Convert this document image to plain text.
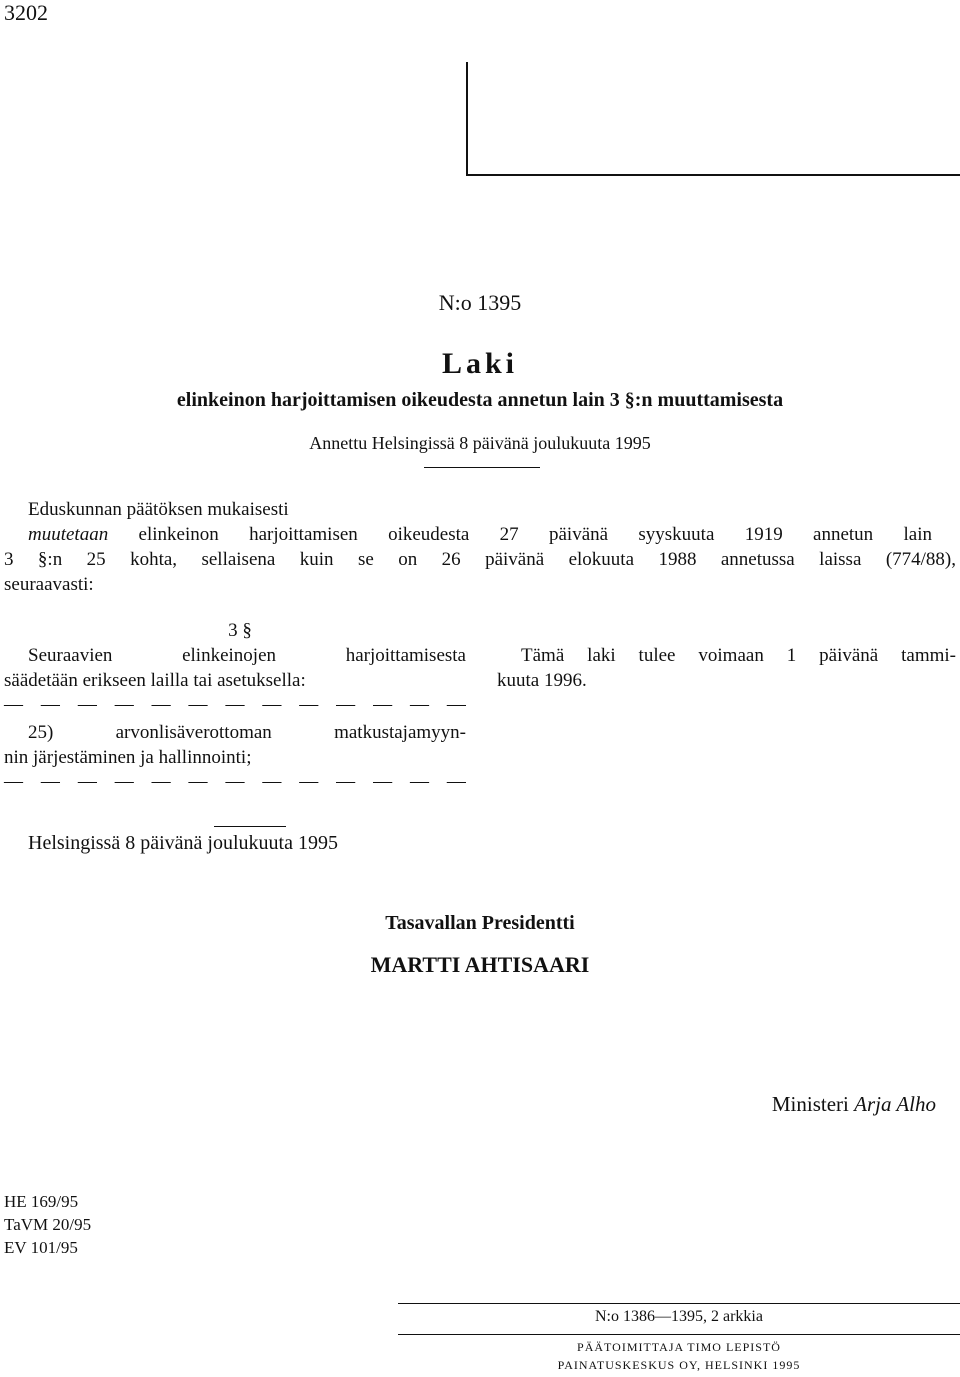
3202
N:o 1395
Laki
elinkeinon harjoittamisen oikeudesta annetun lain 3 §:n muuttamisesta
Annettu Helsingissä 8 päivänä joulukuuta 1995
Eduskunnan päätöksen mukaisesti
muutetaan elinkeinon harjoittamisen oikeudesta 27 päivänä syyskuuta 1919 annetun lain
3 §:n 25 kohta, sellaisena kuin se on 26 päivänä elokuuta 1988 annetussa laissa (774/88),
seuraavasti:
3 §
Seuraavien elinkeinojen harjoittamisesta
säädetään erikseen lailla tai asetuksella:
— — — — — — — — — — — — —
25) arvonlisäverottoman matkustajamyyn-
nin järjestäminen ja hallinnointi;
— — — — — — — — — — — — —
Tämä laki tulee voimaan 1 päivänä tammi-
kuuta 1996.
Helsingissä 8 päivänä joulukuuta 1995
Tasavallan Presidentti
MARTTI AHTISAARI
Ministeri Arja Alho
HE 169/95
TaVM 20/95
EV 101/95
N:o 1386—1395, 2 arkkia
PÄÄTOIMITTAJA TIMO LEPISTÖ
PAINATUSKESKUS OY, HELSINKI 1995
